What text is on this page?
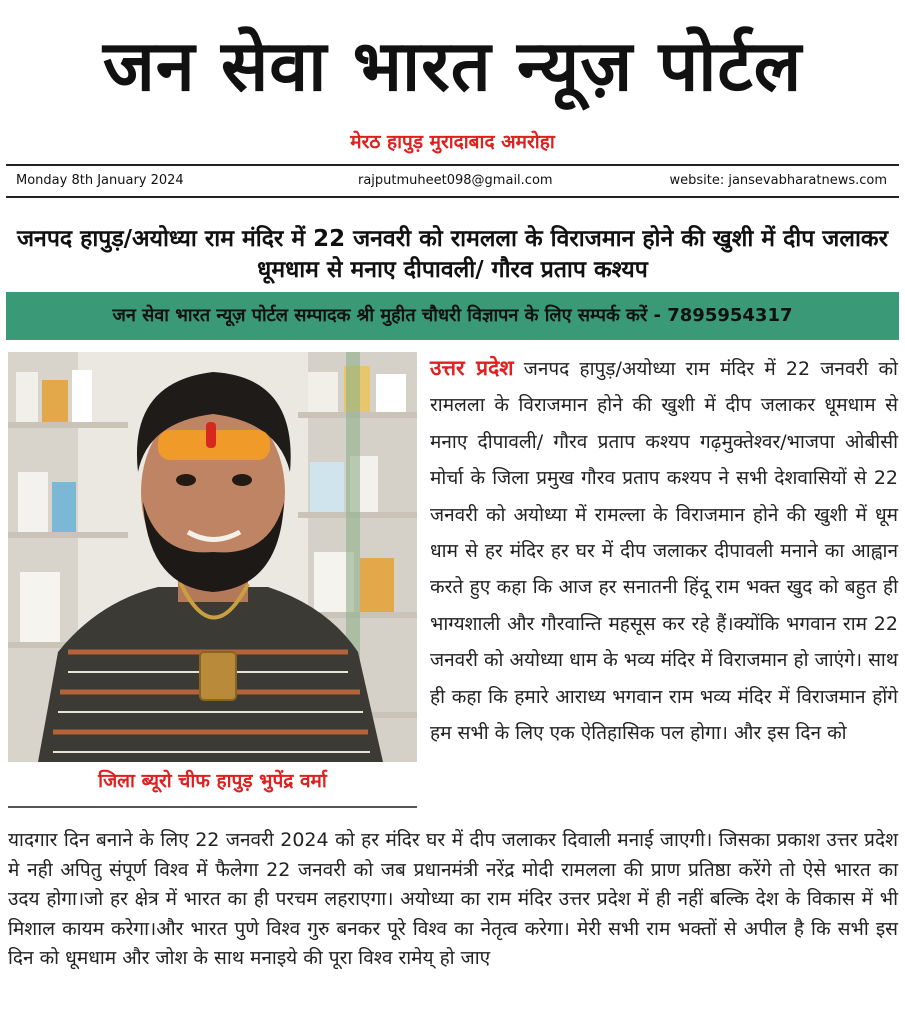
जन सेवा भारत न्यूज़ पोर्टल
मेरठ हापुड़ मुरादाबाद अमरोहा
Monday 8th January 2024	rajputmuheet098@gmail.com	website: jansevabharatnews.com
जनपद हापुड़/अयोध्या राम मंदिर में 22 जनवरी को रामलला के विराजमान होने की खुशी में दीप जलाकर धूमधाम से मनाए दीपावली/ गौरव प्रताप कश्यप
जन सेवा भारत न्यूज़ पोर्टल सम्पादक श्री मुहीत चौधरी विज्ञापन के लिए सम्पर्क करें - 7895954317
जिला ब्यूरो चीफ हापुड़ भुपेंद्र वर्मा
उत्तर प्रदेश जनपद हापुड़/अयोध्या राम मंदिर में 22 जनवरी को रामलला के विराजमान होने की खुशी में दीप जलाकर धूमधाम से मनाए दीपावली/ गौरव प्रताप कश्यप गढ़मुक्तेश्वर/भाजपा ओबीसी मोर्चा के जिला प्रमुख गौरव प्रताप कश्यप ने सभी देशवासियों से 22 जनवरी को अयोध्या में रामल्ला के विराजमान होने की खुशी में धूम धाम से हर मंदिर हर घर में दीप जलाकर दीपावली मनाने का आह्वान करते हुए कहा कि आज हर सनातनी हिंदू राम भक्त खुद को बहुत ही भाग्यशाली और गौरवान्ति महसूस कर रहे हैं।क्योंकि भगवान राम 22 जनवरी को अयोध्या धाम के भव्य मंदिर में विराजमान हो जाएंगे। साथ ही कहा कि हमारे आराध्य भगवान राम भव्य मंदिर में विराजमान होंगे हम सभी के लिए एक ऐतिहासिक पल होगा। और इस दिन को
यादगार दिन बनाने के लिए 22 जनवरी 2024 को हर मंदिर घर में दीप जलाकर दिवाली मनाई जाएगी। जिसका प्रकाश उत्तर प्रदेश मे नही अपितु संपूर्ण विश्व में फैलेगा 22 जनवरी को जब प्रधानमंत्री नरेंद्र मोदी रामलला की प्राण प्रतिष्ठा करेंगे तो ऐसे भारत का उदय होगा।जो हर क्षेत्र में भारत का ही परचम लहराएगा। अयोध्या का राम मंदिर उत्तर प्रदेश में ही नहीं बल्कि देश के विकास में भी मिशाल कायम करेगा।और भारत पुणे विश्व गुरु बनकर पूरे विश्व का नेतृत्व करेगा। मेरी सभी राम भक्तों से अपील है कि सभी इस दिन को धूमधाम और जोश के साथ मनाइये की पूरा विश्व रामेय् हो जाए
